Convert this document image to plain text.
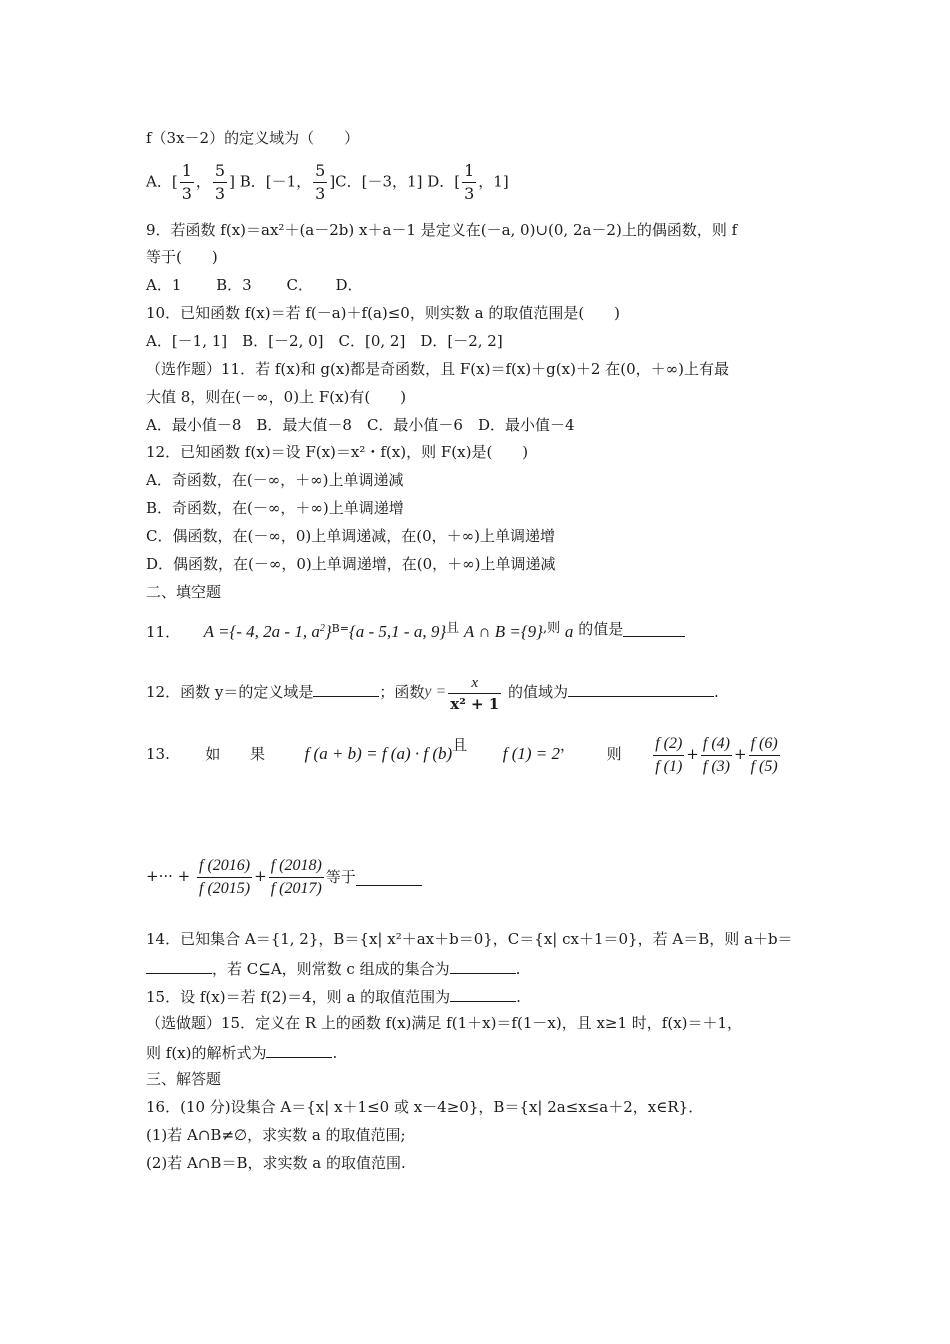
f（3x－2）的定义域为（　　）
A．[ $\frac{1}{3}$ ， $\frac{5}{3}$ ] B．[－1， $\frac{5}{3} ]C$．[－3，1] D．[ $\frac{1}{3}$ ，1]
9．若函数 f(x)＝ax²＋(a－2b) x＋a－1 是定义在(－a, 0)∪(0, 2a－2)上的偶函数，则 f
等于(　　)
A．1　　 B．3　　 C．　　D．
10．已知函数 f(x)＝若 f(－a)＋f(a)≤0，则实数 a 的取值范围是(　　)
A．[－1, 1]　B．[－2, 0]　C．[0, 2]　D．[－2, 2]
（选作题）11．若 f(x)和 g(x)都是奇函数，且 F(x)＝f(x)＋g(x)＋2 在(0，＋∞)上有最
大值 8，则在(－∞，0)上 F(x)有(　　)
A．最小值－8　B．最大值－8　C．最小值－6　D．最小值－4
12．已知函数 f(x)＝设 F(x)＝x²・f(x)，则 F(x)是(　　)
A．奇函数，在(－∞，＋∞)上单调递减
B．奇函数，在(－∞，＋∞)上单调递增
C．偶函数，在(－∞，0)上单调递减，在(0，＋∞)上单调递增
D．偶函数，在(－∞，0)上单调递增，在(0，＋∞)上单调递减
二、填空题
11． A ={- 4, 2a - 1, $a^2\}^{B=}\{a - 5,1$ - a, 9}且 A ∩ B ={9},则 a 的值是
12．函数 y＝的定义域是	；函数$y = \frac{x}{\text{x² + 1}}$ 的值域为	.
13. 如 果 f (a + b) = f (a) · f (b)且 f (1) = 2， 则 $\frac{f (2)}{f (1)} + \frac{f (4)}{f (3)} + \frac{f (6)}{f (5)}$
+··· + $\frac{f (2016)}{f (2015)} + \frac{f (2018)}{f (2017)}$ 等于
14．已知集合 A＝{1, 2}，B＝{x| x²＋ax＋b＝0}，C＝{x| cx＋1＝0}，若 A＝B，则 a＋b＝
，若 C⊆A，则常数 c 组成的集合为	.
15．设 f(x)＝若 f(2)＝4，则 a 的取值范围为	.
（选做题）15．定义在 R 上的函数 f(x)满足 f(1＋x)＝f(1－x)，且 x≥1 时，f(x)＝＋1，
则 f(x)的解析式为	.
三、解答题
16．(10 分)设集合 A＝{x| x＋1≤0 或 x－4≥0}，B＝{x| 2a≤x≤a＋2，x∈R}．
(1)若 A∩B≠∅，求实数 a 的取值范围;
(2)若 A∩B＝B，求实数 a 的取值范围.
